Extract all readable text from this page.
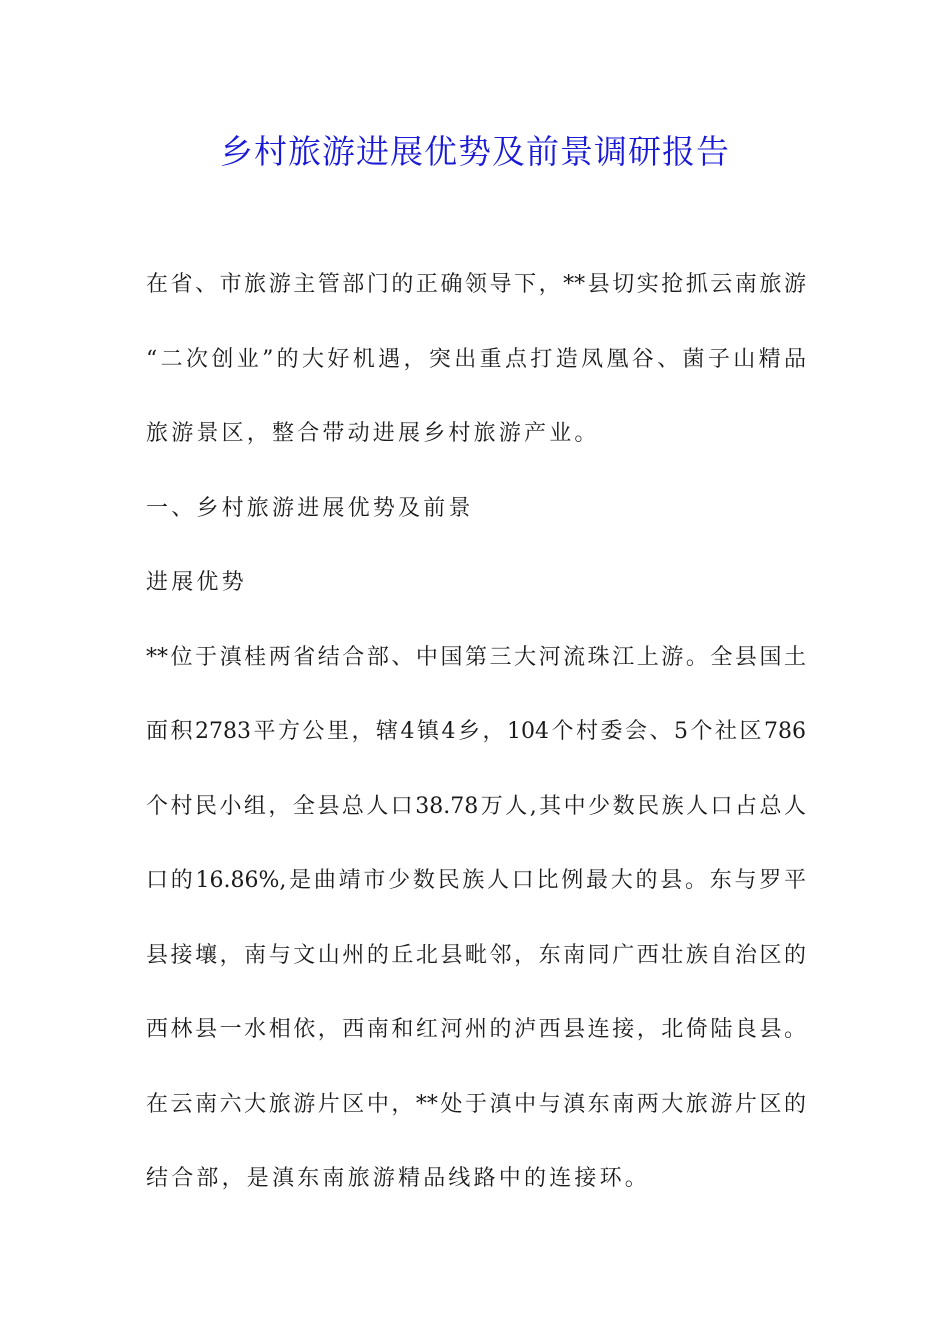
乡村旅游进展优势及前景调研报告
在省、市旅游主管部门的正确领导下，**县切实抢抓云南旅游
“二次创业”的大好机遇，突出重点打造凤凰谷、菌子山精品
旅游景区，整合带动进展乡村旅游产业。
一、乡村旅游进展优势及前景
进展优势
**位于滇桂两省结合部、中国第三大河流珠江上游。全县国土
面积2783平方公里，辖4镇4乡，104个村委会、5个社区786
个村民小组，全县总人口38.78万人,其中少数民族人口占总人
口的16.86%,是曲靖市少数民族人口比例最大的县。东与罗平
县接壤，南与文山州的丘北县毗邻，东南同广西壮族自治区的
西林县一水相依，西南和红河州的泸西县连接，北倚陆良县。
在云南六大旅游片区中，**处于滇中与滇东南两大旅游片区的
结合部，是滇东南旅游精品线路中的连接环。
